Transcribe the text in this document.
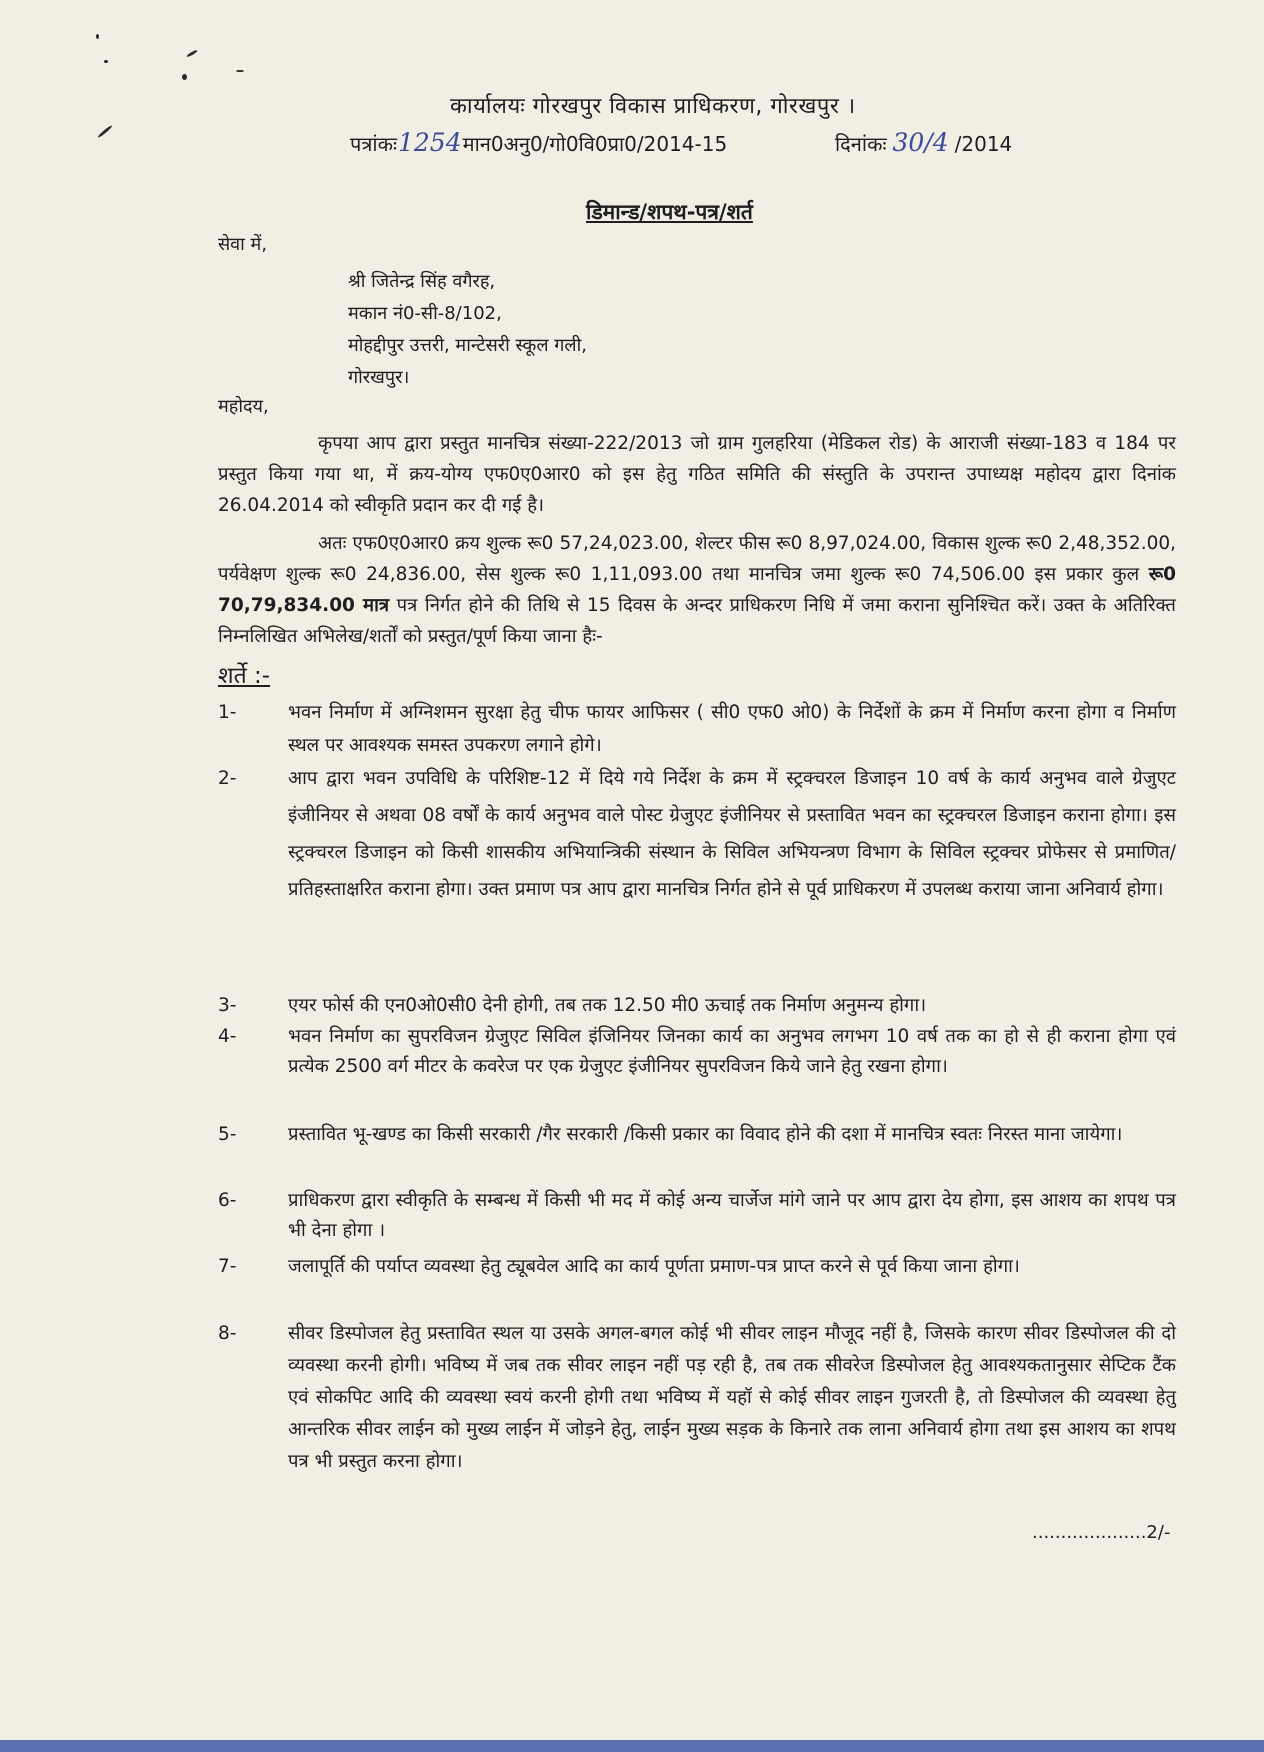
कार्यालयः गोरखपुर विकास प्राधिकरण, गोरखपुर ।
पत्रांकः1254मान0अनु0/गो0वि0प्रा0/2014-15	दिनांकः 30/4 /2014
डिमान्ड/शपथ-पत्र/शर्त
सेवा में,
श्री जितेन्द्र सिंह वगैरह,
मकान नं0-सी-8/102,
मोहद्दीपुर उत्तरी, मान्टेसरी स्कूल गली,
गोरखपुर।
महोदय,
कृपया आप द्वारा प्रस्तुत मानचित्र संख्या-222/2013 जो ग्राम गुलहरिया (मेडिकल रोड) के आराजी संख्या-183 व 184 पर प्रस्तुत किया गया था, में क्रय-योग्य एफ0ए0आर0 को इस हेतु गठित समिति की संस्तुति के उपरान्त उपाध्यक्ष महोदय द्वारा दिनांक 26.04.2014 को स्वीकृति प्रदान कर दी गई है।
अतः एफ0ए0आर0 क्रय शुल्क रू0 57,24,023.00, शेल्टर फीस रू0 8,97,024.00, विकास शुल्क रू0 2,48,352.00, पर्यवेक्षण शुल्क रू0 24,836.00, सेस शुल्क रू0 1,11,093.00 तथा मानचित्र जमा शुल्क रू0 74,506.00 इस प्रकार कुल रू0 70,79,834.00 मात्र पत्र निर्गत होने की तिथि से 15 दिवस के अन्दर प्राधिकरण निधि में जमा कराना सुनिश्चित करें। उक्त के अतिरिक्त निम्नलिखित अभिलेख/शर्तों को प्रस्तुत/पूर्ण किया जाना हैः-
शर्ते :-
1-	भवन निर्माण में अग्निशमन सुरक्षा हेतु चीफ फायर आफिसर ( सी0 एफ0 ओ0) के निर्देशों के क्रम में निर्माण करना होगा व निर्माण स्थल पर आवश्यक समस्त उपकरण लगाने होगे।
2-	आप द्वारा भवन उपविधि के परिशिष्ट-12 में दिये गये निर्देश के क्रम में स्ट्रक्चरल डिजाइन 10 वर्ष के कार्य अनुभव वाले ग्रेजुएट इंजीनियर से अथवा 08 वर्षों के कार्य अनुभव वाले पोस्ट ग्रेजुएट इंजीनियर से प्रस्तावित भवन का स्ट्रक्चरल डिजाइन कराना होगा। इस स्ट्रक्चरल डिजाइन को किसी शासकीय अभियान्त्रिकी संस्थान के सिविल अभियन्त्रण विभाग के सिविल स्ट्रक्चर प्रोफेसर से प्रमाणित/प्रतिहस्ताक्षरित कराना होगा। उक्त प्रमाण पत्र आप द्वारा मानचित्र निर्गत होने से पूर्व प्राधिकरण में उपलब्ध कराया जाना अनिवार्य होगा।
3-	एयर फोर्स की एन0ओ0सी0 देनी होगी, तब तक 12.50 मी0 ऊचाई तक निर्माण अनुमन्य होगा।
4-	भवन निर्माण का सुपरविजन ग्रेजुएट सिविल इंजिनियर जिनका कार्य का अनुभव लगभग 10 वर्ष तक का हो से ही कराना होगा एवं प्रत्येक 2500 वर्ग मीटर के कवरेज पर एक ग्रेजुएट इंजीनियर सुपरविजन किये जाने हेतु रखना होगा।
5-	प्रस्तावित भू-खण्ड का किसी सरकारी /गैर सरकारी /किसी प्रकार का विवाद होने की दशा में मानचित्र स्वतः निरस्त माना जायेगा।
6-	प्राधिकरण द्वारा स्वीकृति के सम्बन्ध में किसी भी मद में कोई अन्य चार्जेज मांगे जाने पर आप द्वारा देय होगा, इस आशय का शपथ पत्र भी देना होगा ।
7-	जलापूर्ति की पर्याप्त व्यवस्था हेतु ट्यूबवेल आदि का कार्य पूर्णता प्रमाण-पत्र प्राप्त करने से पूर्व किया जाना होगा।
8-	सीवर डिस्पोजल हेतु प्रस्तावित स्थल या उसके अगल-बगल कोई भी सीवर लाइन मौजूद नहीं है, जिसके कारण सीवर डिस्पोजल की दो व्यवस्था करनी होगी। भविष्य में जब तक सीवर लाइन नहीं पड़ रही है, तब तक सीवरेज डिस्पोजल हेतु आवश्यकतानुसार सेप्टिक टैंक एवं सोकपिट आदि की व्यवस्था स्वयं करनी होगी तथा भविष्य में यहॉ से कोई सीवर लाइन गुजरती है, तो डिस्पोजल की व्यवस्था हेतु आन्तरिक सीवर लाईन को मुख्य लाईन में जोड़ने हेतु, लाईन मुख्य सड़क के किनारे तक लाना अनिवार्य होगा तथा इस आशय का शपथ पत्र भी प्रस्तुत करना होगा।
....................2/-
